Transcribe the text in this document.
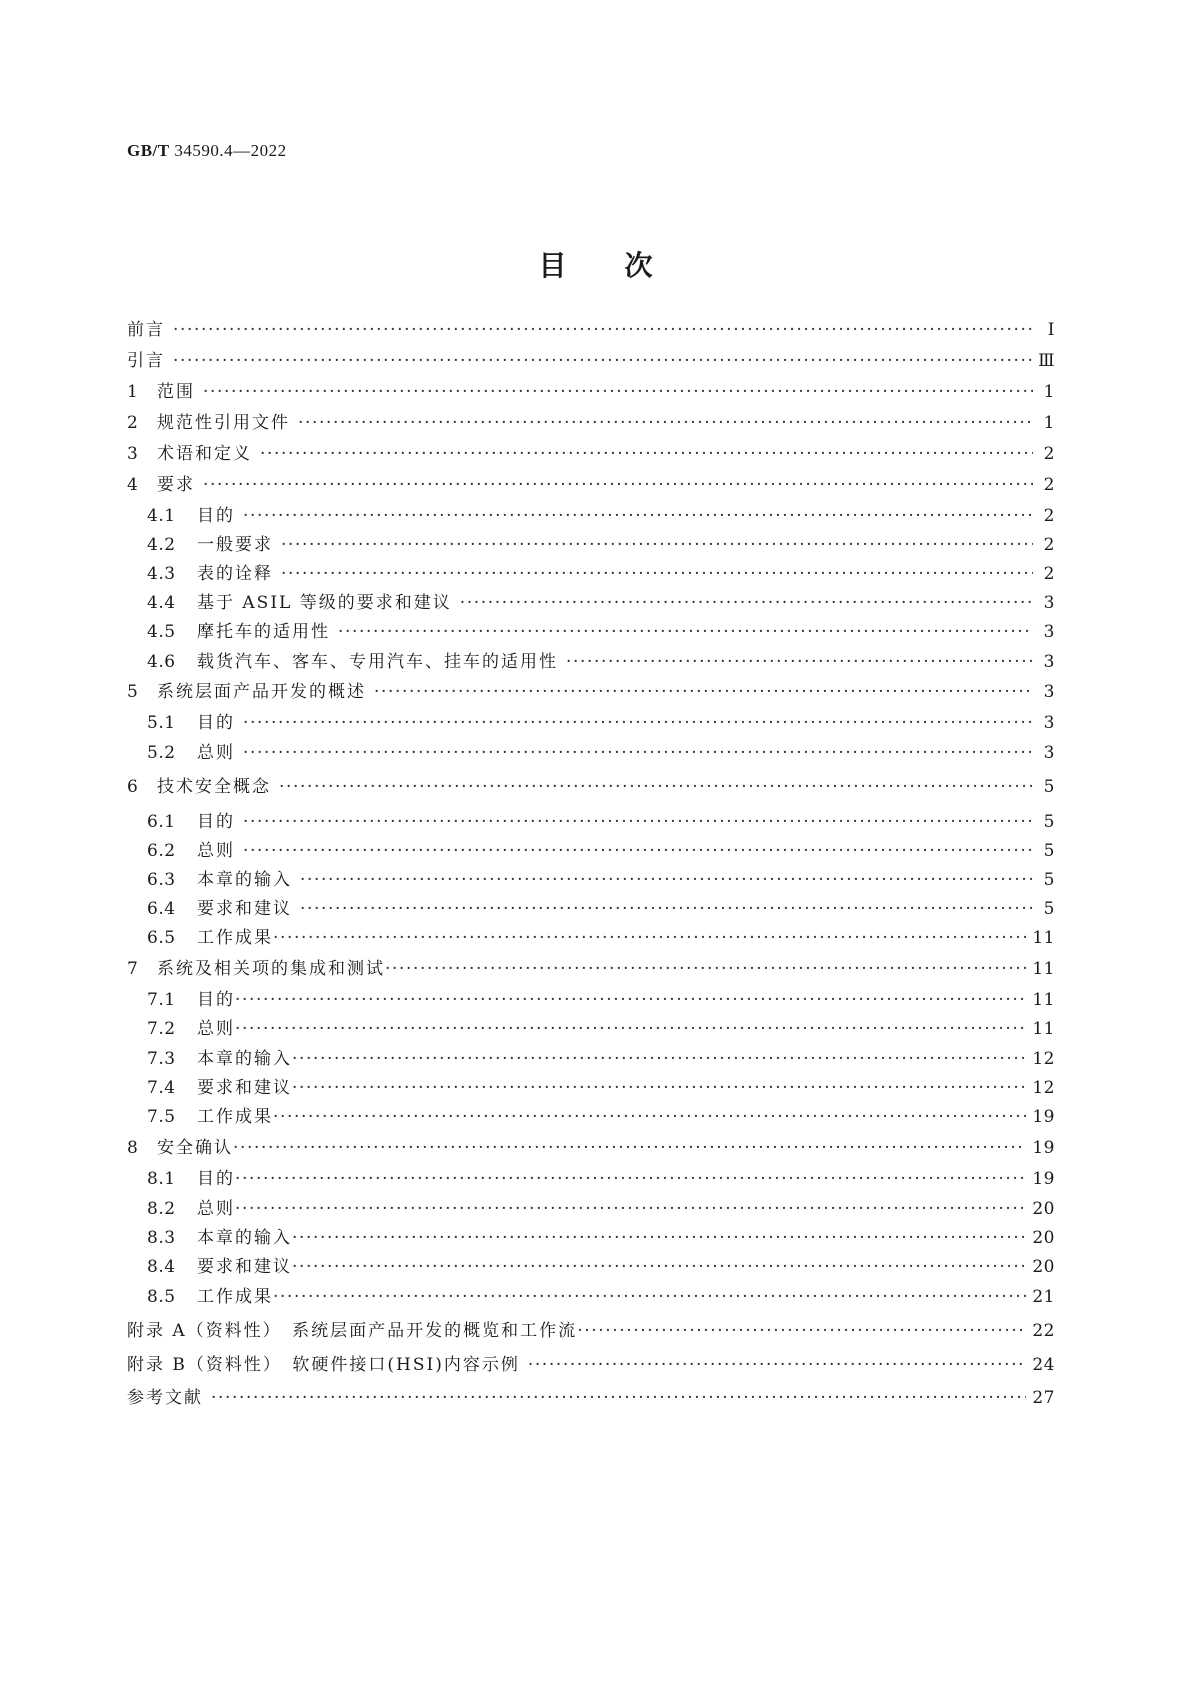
GB/T 34590.4—2022
目次
前言 ·····	Ⅰ
引言 ·····	Ⅲ
1	范围 ·····	1
2	规范性引用文件 ·····	1
3	术语和定义 ·····	2
4	要求 ·····	2
4.1	目的 ·····	2
4.2	一般要求 ·····	2
4.3	表的诠释 ·····	2
4.4	基于 ASIL 等级的要求和建议 ·····	3
4.5	摩托车的适用性 ·····	3
4.6	载货汽车、客车、专用汽车、挂车的适用性 ·····	3
5	系统层面产品开发的概述 ·····	3
5.1	目的 ·····	3
5.2	总则 ·····	3
6	技术安全概念 ·····	5
6.1	目的 ·····	5
6.2	总则 ·····	5
6.3	本章的输入 ·····	5
6.4	要求和建议 ·····	5
6.5	工作成果 ·····	11
7	系统及相关项的集成和测试 ·····	11
7.1	目的 ·····	11
7.2	总则 ·····	11
7.3	本章的输入 ·····	12
7.4	要求和建议 ·····	12
7.5	工作成果 ·····	19
8	安全确认 ·····	19
8.1	目的 ·····	19
8.2	总则 ·····	20
8.3	本章的输入 ·····	20
8.4	要求和建议 ·····	20
8.5	工作成果 ·····	21
附录 A（资料性）　系统层面产品开发的概览和工作流 ·····	22
附录 B（资料性）　软硬件接口(HSI)内容示例 ·····	24
参考文献 ·····	27
